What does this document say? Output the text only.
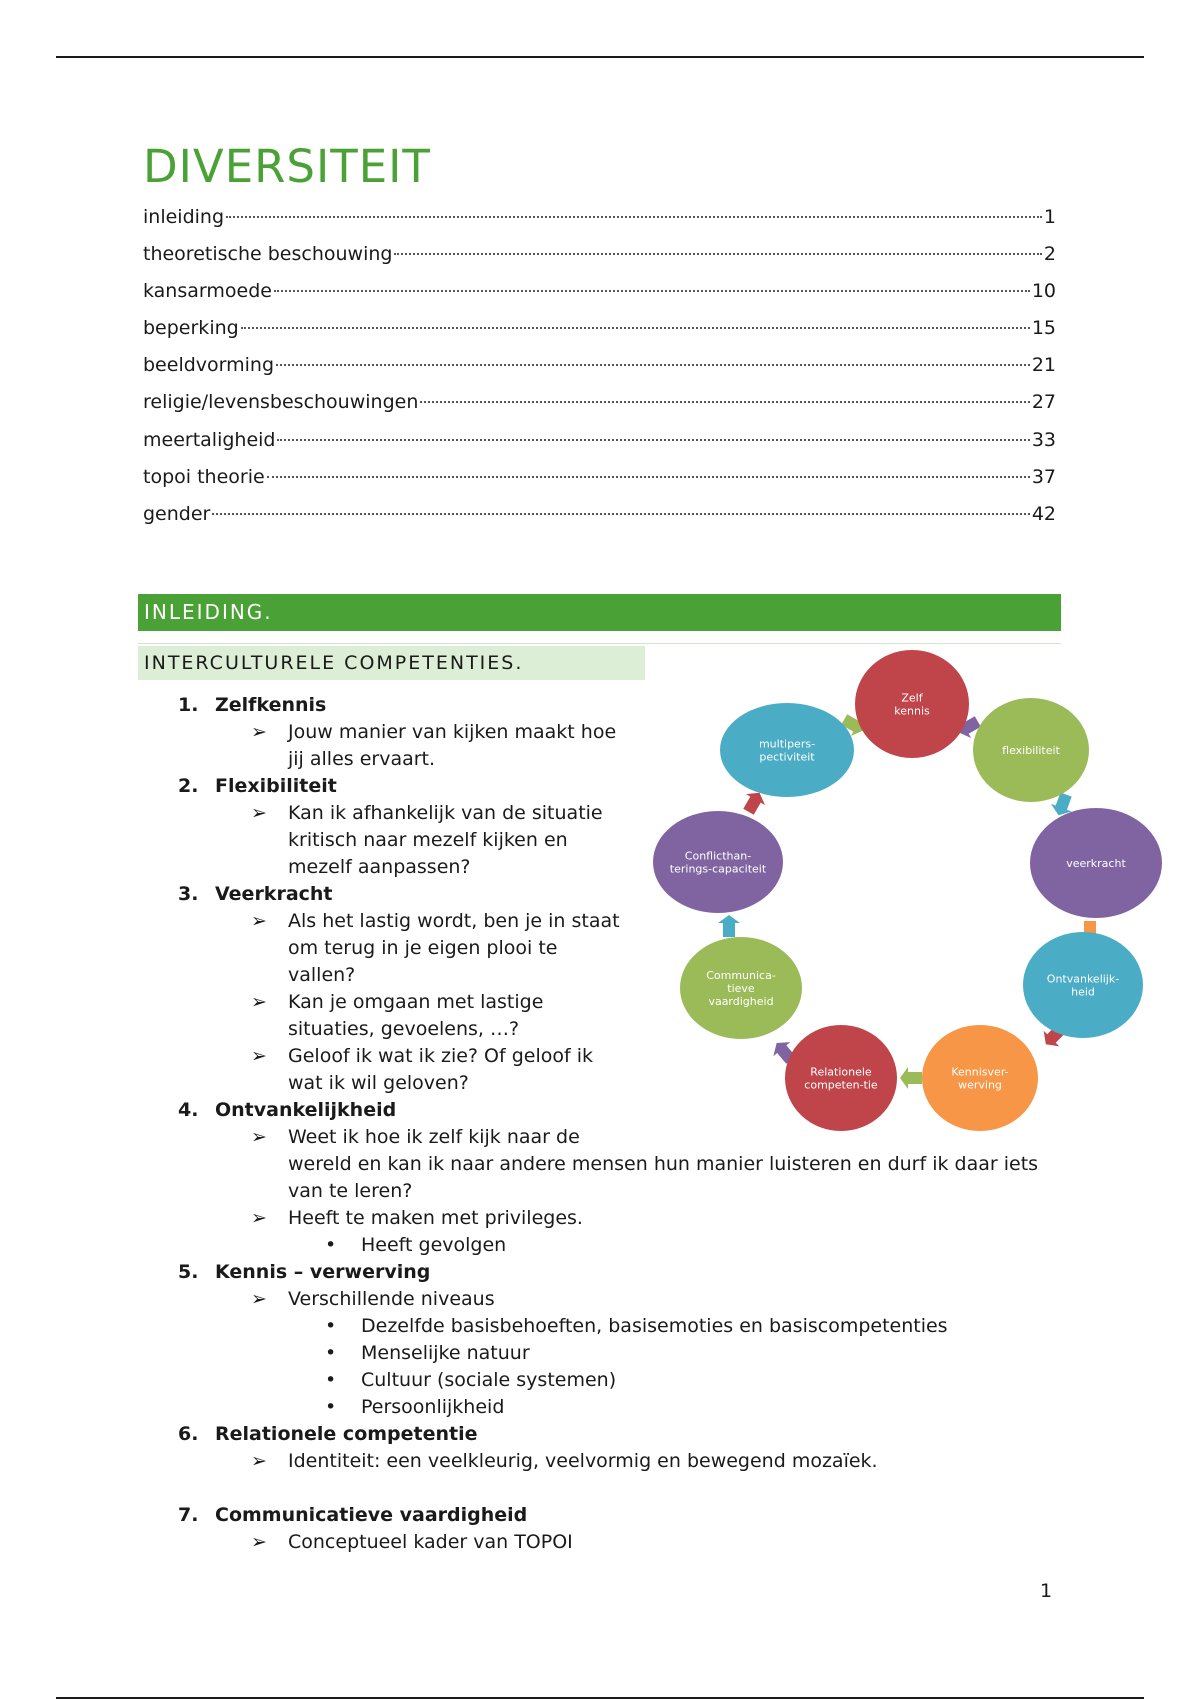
DIVERSITEIT
inleiding	1
theoretische beschouwing	2
kansarmoede	10
beperking	15
beeldvorming	21
religie/levensbeschouwingen	27
meertaligheid	33
topoi theorie	37
gender	42
INLEIDING.
INTERCULTURELE COMPETENTIES.
1. Zelfkennis
➢ Jouw manier van kijken maakt hoe jij alles ervaart.
2. Flexibiliteit
➢ Kan ik afhankelijk van de situatie kritisch naar mezelf kijken en mezelf aanpassen?
3. Veerkracht
➢ Als het lastig wordt, ben je in staat om terug in je eigen plooi te vallen?
➢ Kan je omgaan met lastige situaties, gevoelens, …?
➢ Geloof ik wat ik zie? Of geloof ik wat ik wil geloven?
4. Ontvankelijkheid
➢ Weet ik hoe ik zelf kijk naar de
wereld en kan ik naar andere mensen hun manier luisteren en durf ik daar iets van te leren?
➢ Heeft te maken met privileges.
• Heeft gevolgen
5. Kennis – verwerving
➢ Verschillende niveaus
• Dezelfde basisbehoeften, basisemoties en basiscompetenties
• Menselijke natuur
• Cultuur (sociale systemen)
• Persoonlijkheid
6. Relationele competentie
➢ Identiteit: een veelkleurig, veelvormig en bewegend mozaïek.
7. Communicatieve vaardigheid
➢ Conceptueel kader van TOPOI
Zelf
kennis
flexibiliteit
veerkracht
Ontvankelijk-
heid
Kennisver-
werving
Relationele
competen-tie
Communica-
tieve
vaardigheid
Conflicthan-
terings-capaciteit
multipers-
pectiviteit
1
